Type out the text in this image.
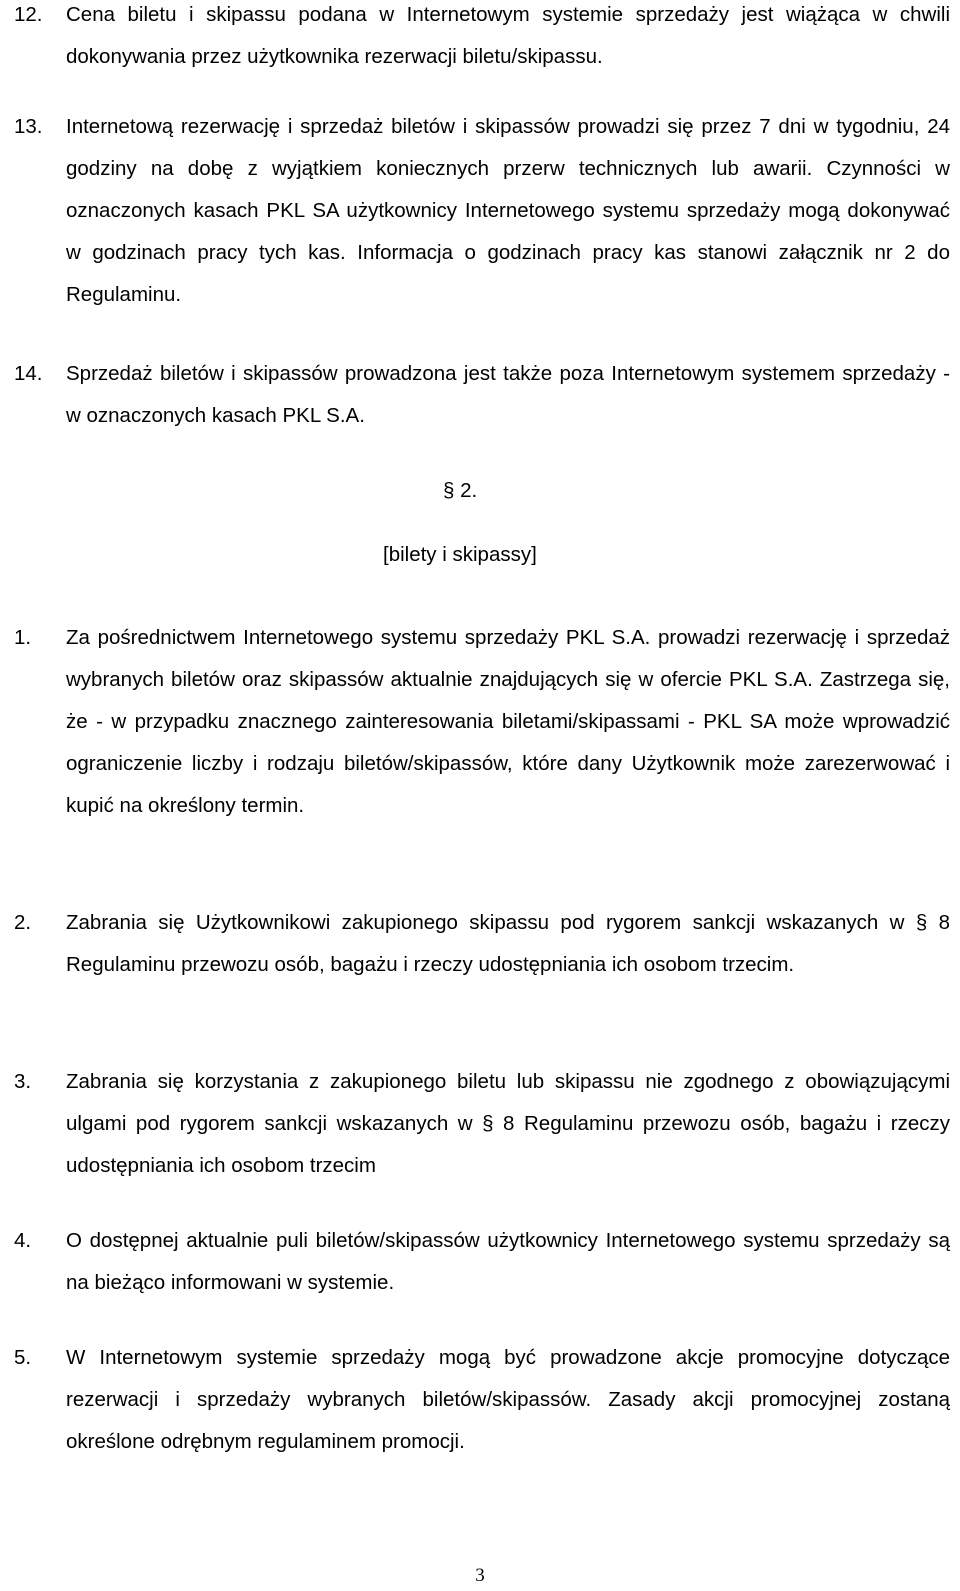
12.	Cena biletu i skipassu podana w Internetowym systemie sprzedaży jest wiążąca w chwili dokonywania przez użytkownika rezerwacji biletu/skipassu.
13.	Internetową rezerwację i sprzedaż biletów i skipassów prowadzi się przez 7 dni w tygodniu, 24 godziny na dobę z wyjątkiem koniecznych przerw technicznych lub awarii. Czynności w oznaczonych kasach PKL SA użytkownicy Internetowego systemu sprzedaży mogą dokonywać w godzinach pracy tych kas. Informacja o godzinach pracy kas stanowi załącznik nr 2 do Regulaminu.
14.	Sprzedaż biletów i skipassów prowadzona jest także poza Internetowym systemem sprzedaży - w oznaczonych kasach PKL S.A.
§ 2.
[bilety i skipassy]
1.	Za pośrednictwem Internetowego systemu sprzedaży PKL S.A. prowadzi rezerwację i sprzedaż wybranych biletów oraz skipassów aktualnie znajdujących się w ofercie PKL S.A. Zastrzega się, że - w przypadku znacznego zainteresowania biletami/skipassami - PKL SA może wprowadzić ograniczenie liczby i rodzaju biletów/skipassów, które dany Użytkownik może zarezerwować i kupić na określony termin.
2.	Zabrania się Użytkownikowi zakupionego skipassu pod rygorem sankcji wskazanych w § 8 Regulaminu przewozu osób, bagażu i rzeczy udostępniania ich osobom trzecim.
3.	Zabrania się korzystania z zakupionego biletu lub skipassu nie zgodnego z obowiązującymi ulgami pod rygorem sankcji wskazanych w § 8 Regulaminu przewozu osób, bagażu i rzeczy udostępniania ich osobom trzecim
4.	O dostępnej aktualnie puli biletów/skipassów użytkownicy Internetowego systemu sprzedaży są na bieżąco informowani w systemie.
5.	W Internetowym systemie sprzedaży mogą być prowadzone akcje promocyjne dotyczące rezerwacji i sprzedaży wybranych biletów/skipassów. Zasady akcji promocyjnej zostaną określone odrębnym regulaminem promocji.
3
